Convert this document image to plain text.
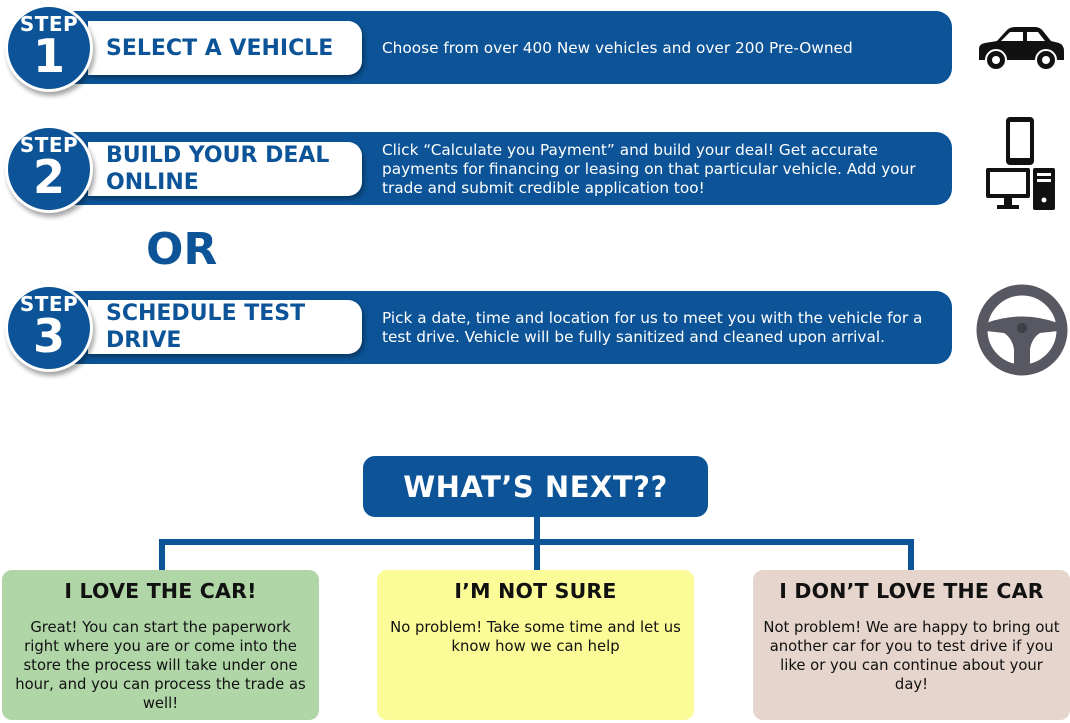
STEP
1	SELECT A VEHICLE	Choose from over 400 New vehicles and over 200 Pre-Owned
STEP
2	BUILD YOUR DEAL ONLINE
Click “Calculate you Payment” and build your deal! Get accurate payments for financing or leasing on that particular vehicle. Add your trade and submit credible application too!
OR
STEP
3	SCHEDULE TEST DRIVE
Pick a date, time and location for us to meet you with the vehicle for a test drive. Vehicle will be fully sanitized and cleaned upon arrival.
WHAT’S NEXT??
I LOVE THE CAR!
Great! You can start the paperwork right where you are or come into the store the process will take under one hour, and you can process the trade as well!
I’M NOT SURE
No problem! Take some time and let us know how we can help
I DON’T LOVE THE CAR
Not problem! We are happy to bring out another car for you to test drive if you like or you can continue about your day!
